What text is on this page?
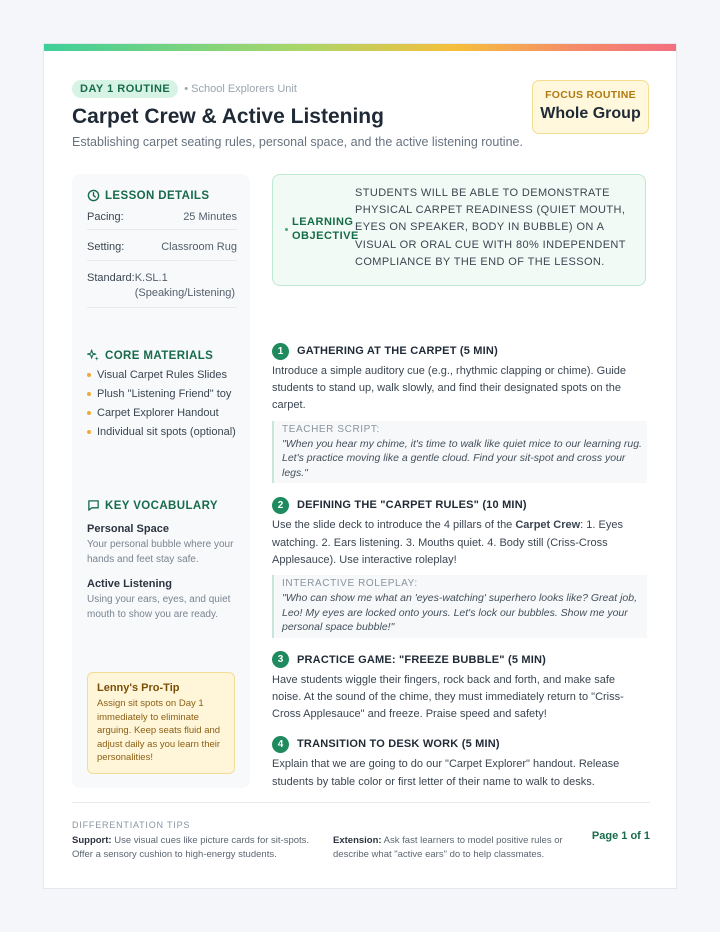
DAY 1 ROUTINE	• School Explorers Unit
Carpet Crew & Active Listening
Establishing carpet seating rules, personal space, and the active listening routine.
FOCUS ROUTINE
Whole Group
LESSON DETAILS
Pacing:	25 Minutes
Setting:	Classroom Rug
Standard: K.SL.1 (Speaking/Listening)
CORE MATERIALS
Visual Carpet Rules Slides
Plush "Listening Friend" toy
Carpet Explorer Handout
Individual sit spots (optional)
KEY VOCABULARY
Personal Space
Your personal bubble where your hands and feet stay safe.
Active Listening
Using your ears, eyes, and quiet mouth to show you are ready.
Lenny's Pro-Tip
Assign sit spots on Day 1 immediately to eliminate arguing. Keep seats fluid and adjust daily as you learn their personalities!
LEARNING
OBJECTIVE
STUDENTS WILL BE ABLE TO DEMONSTRATE PHYSICAL CARPET READINESS (QUIET MOUTH, EYES ON SPEAKER, BODY IN BUBBLE) ON A VISUAL OR ORAL CUE WITH 80% INDEPENDENT COMPLIANCE BY THE END OF THE LESSON.
1	GATHERING AT THE CARPET (5 MIN)
Introduce a simple auditory cue (e.g., rhythmic clapping or chime). Guide students to stand up, walk slowly, and find their designated spots on the carpet.
TEACHER SCRIPT:
"When you hear my chime, it's time to walk like quiet mice to our learning rug. Let's practice moving like a gentle cloud. Find your sit-spot and cross your legs."
2	DEFINING THE "CARPET RULES" (10 MIN)
Use the slide deck to introduce the 4 pillars of the Carpet Crew: 1. Eyes watching. 2. Ears listening. 3. Mouths quiet. 4. Body still (Criss-Cross Applesauce). Use interactive roleplay!
INTERACTIVE ROLEPLAY:
"Who can show me what an 'eyes-watching' superhero looks like? Great job, Leo! My eyes are locked onto yours. Let's lock our bubbles. Show me your personal space bubble!"
3	PRACTICE GAME: "FREEZE BUBBLE" (5 MIN)
Have students wiggle their fingers, rock back and forth, and make safe noise. At the sound of the chime, they must immediately return to "Criss-Cross Applesauce" and freeze. Praise speed and safety!
4	TRANSITION TO DESK WORK (5 MIN)
Explain that we are going to do our "Carpet Explorer" handout. Release students by table color or first letter of their name to walk to desks.
DIFFERENTIATION TIPS
Support: Use visual cues like picture cards for sit-spots. Offer a sensory cushion to high-energy students.
Extension: Ask fast learners to model positive rules or describe what "active ears" do to help classmates.
Page 1 of 1
